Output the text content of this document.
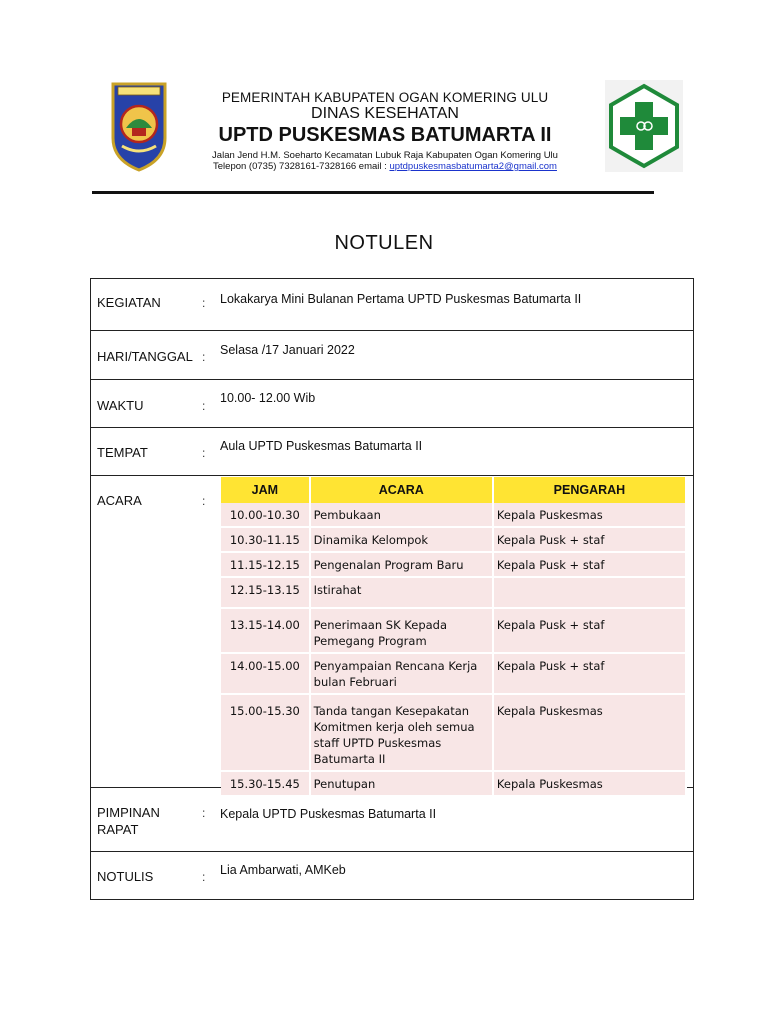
PEMERINTAH KABUPATEN OGAN KOMERING ULU
DINAS KESEHATAN
UPTD PUSKESMAS BATUMARTA II
Jalan Jend H.M. Soeharto Kecamatan Lubuk Raja Kabupaten Ogan Komering Ulu
Telepon (0735) 7328161-7328166 email : uptdpuskesmasbatumarta2@gmail.com
NOTULEN
KEGIATAN	: Lokakarya Mini Bulanan Pertama UPTD Puskesmas Batumarta II
HARI/TANGGAL : Selasa /17 Januari 2022
WAKTU	:
10.00- 12.00 Wib
TEMPAT	: Aula UPTD Puskesmas Batumarta II
ACARA	:
JAM	ACARA	PENGARAH
10.00-10.30	Pembukaan	Kepala Puskesmas
10.30-11.15	Dinamika Kelompok	Kepala Pusk + staf
11.15-12.15	Pengenalan Program Baru	Kepala Pusk + staf
12.15-13.15	Istirahat	
13.15-14.00	Penerimaan SK Kepada Pemegang Program	Kepala Pusk + staf
14.00-15.00	Penyampaian Rencana Kerja bulan Februari	Kepala Pusk + staf
15.00-15.30	Tanda tangan Kesepakatan Komitmen kerja oleh semua staff UPTD Puskesmas Batumarta II	Kepala Puskesmas
15.30-15.45	Penutupan	Kepala Puskesmas
PIMPINAN
RAPAT
: Kepala UPTD Puskesmas Batumarta II
NOTULIS	: Lia Ambarwati, AMKeb
